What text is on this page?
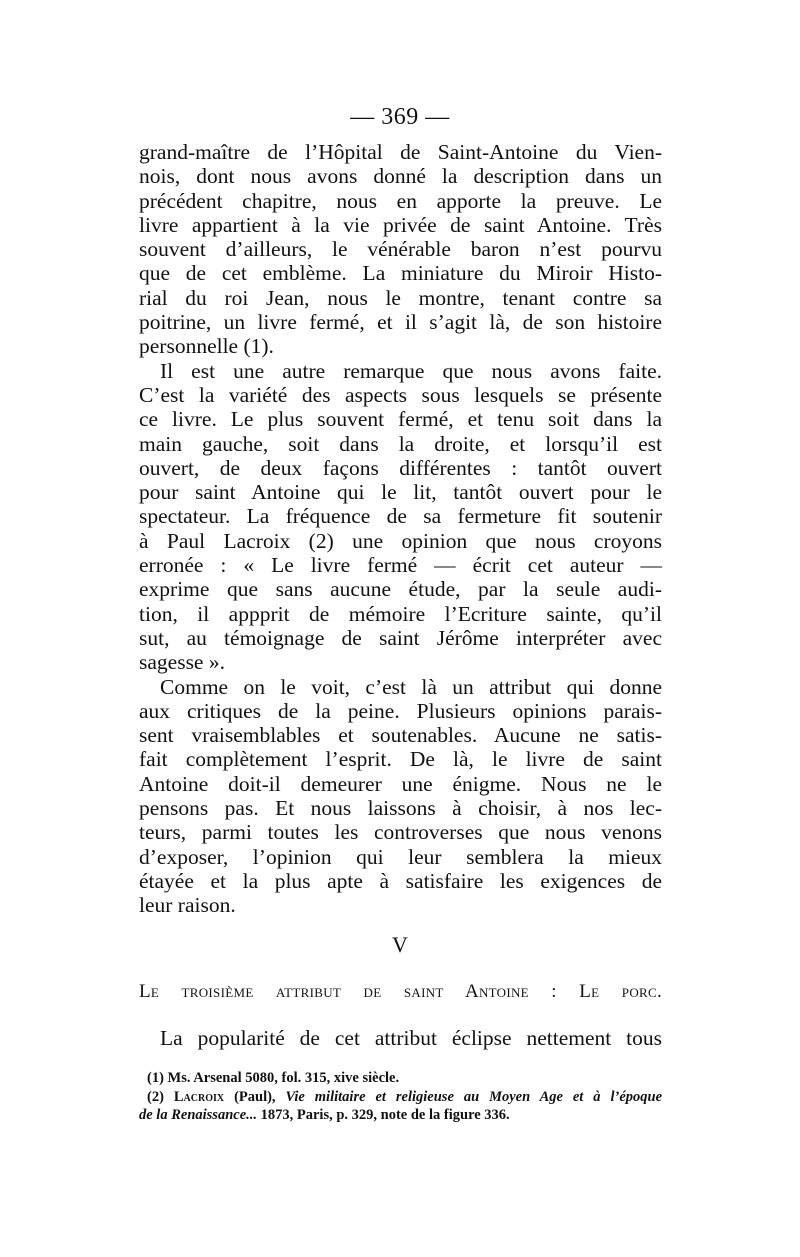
— 369 —
grand-maître de l’Hôpital de Saint-Antoine du Vien-
nois, dont nous avons donné la description dans un
précédent chapitre, nous en apporte la preuve. Le
livre appartient à la vie privée de saint Antoine. Très
souvent d’ailleurs, le vénérable baron n’est pourvu
que de cet emblème. La miniature du Miroir Histo-
rial du roi Jean, nous le montre, tenant contre sa
poitrine, un livre fermé, et il s’agit là, de son histoire
personnelle (1).
Il est une autre remarque que nous avons faite.
C’est la variété des aspects sous lesquels se présente
ce livre. Le plus souvent fermé, et tenu soit dans la
main gauche, soit dans la droite, et lorsqu’il est
ouvert, de deux façons différentes : tantôt ouvert
pour saint Antoine qui le lit, tantôt ouvert pour le
spectateur. La fréquence de sa fermeture fit soutenir
à Paul Lacroix (2) une opinion que nous croyons
erronée : « Le livre fermé — écrit cet auteur —
exprime que sans aucune étude, par la seule audi-
tion, il appprit de mémoire l’Ecriture sainte, qu’il
sut, au témoignage de saint Jérôme interpréter avec
sagesse ».
Comme on le voit, c’est là un attribut qui donne
aux critiques de la peine. Plusieurs opinions parais-
sent vraisemblables et soutenables. Aucune ne satis-
fait complètement l’esprit. De là, le livre de saint
Antoine doit-il demeurer une énigme. Nous ne le
pensons pas. Et nous laissons à choisir, à nos lec-
teurs, parmi toutes les controverses que nous venons
d’exposer, l’opinion qui leur semblera la mieux
étayée et la plus apte à satisfaire les exigences de
leur raison.
V
Le troisième attribut de saint Antoine : Le porc.
La popularité de cet attribut éclipse nettement tous
(1) Ms. Arsenal 5080, fol. 315, xive siècle.
(2) Lacroix (Paul), Vie militaire et religieuse au Moyen Age et à l’époque
de la Renaissance... 1873, Paris, p. 329, note de la figure 336.
